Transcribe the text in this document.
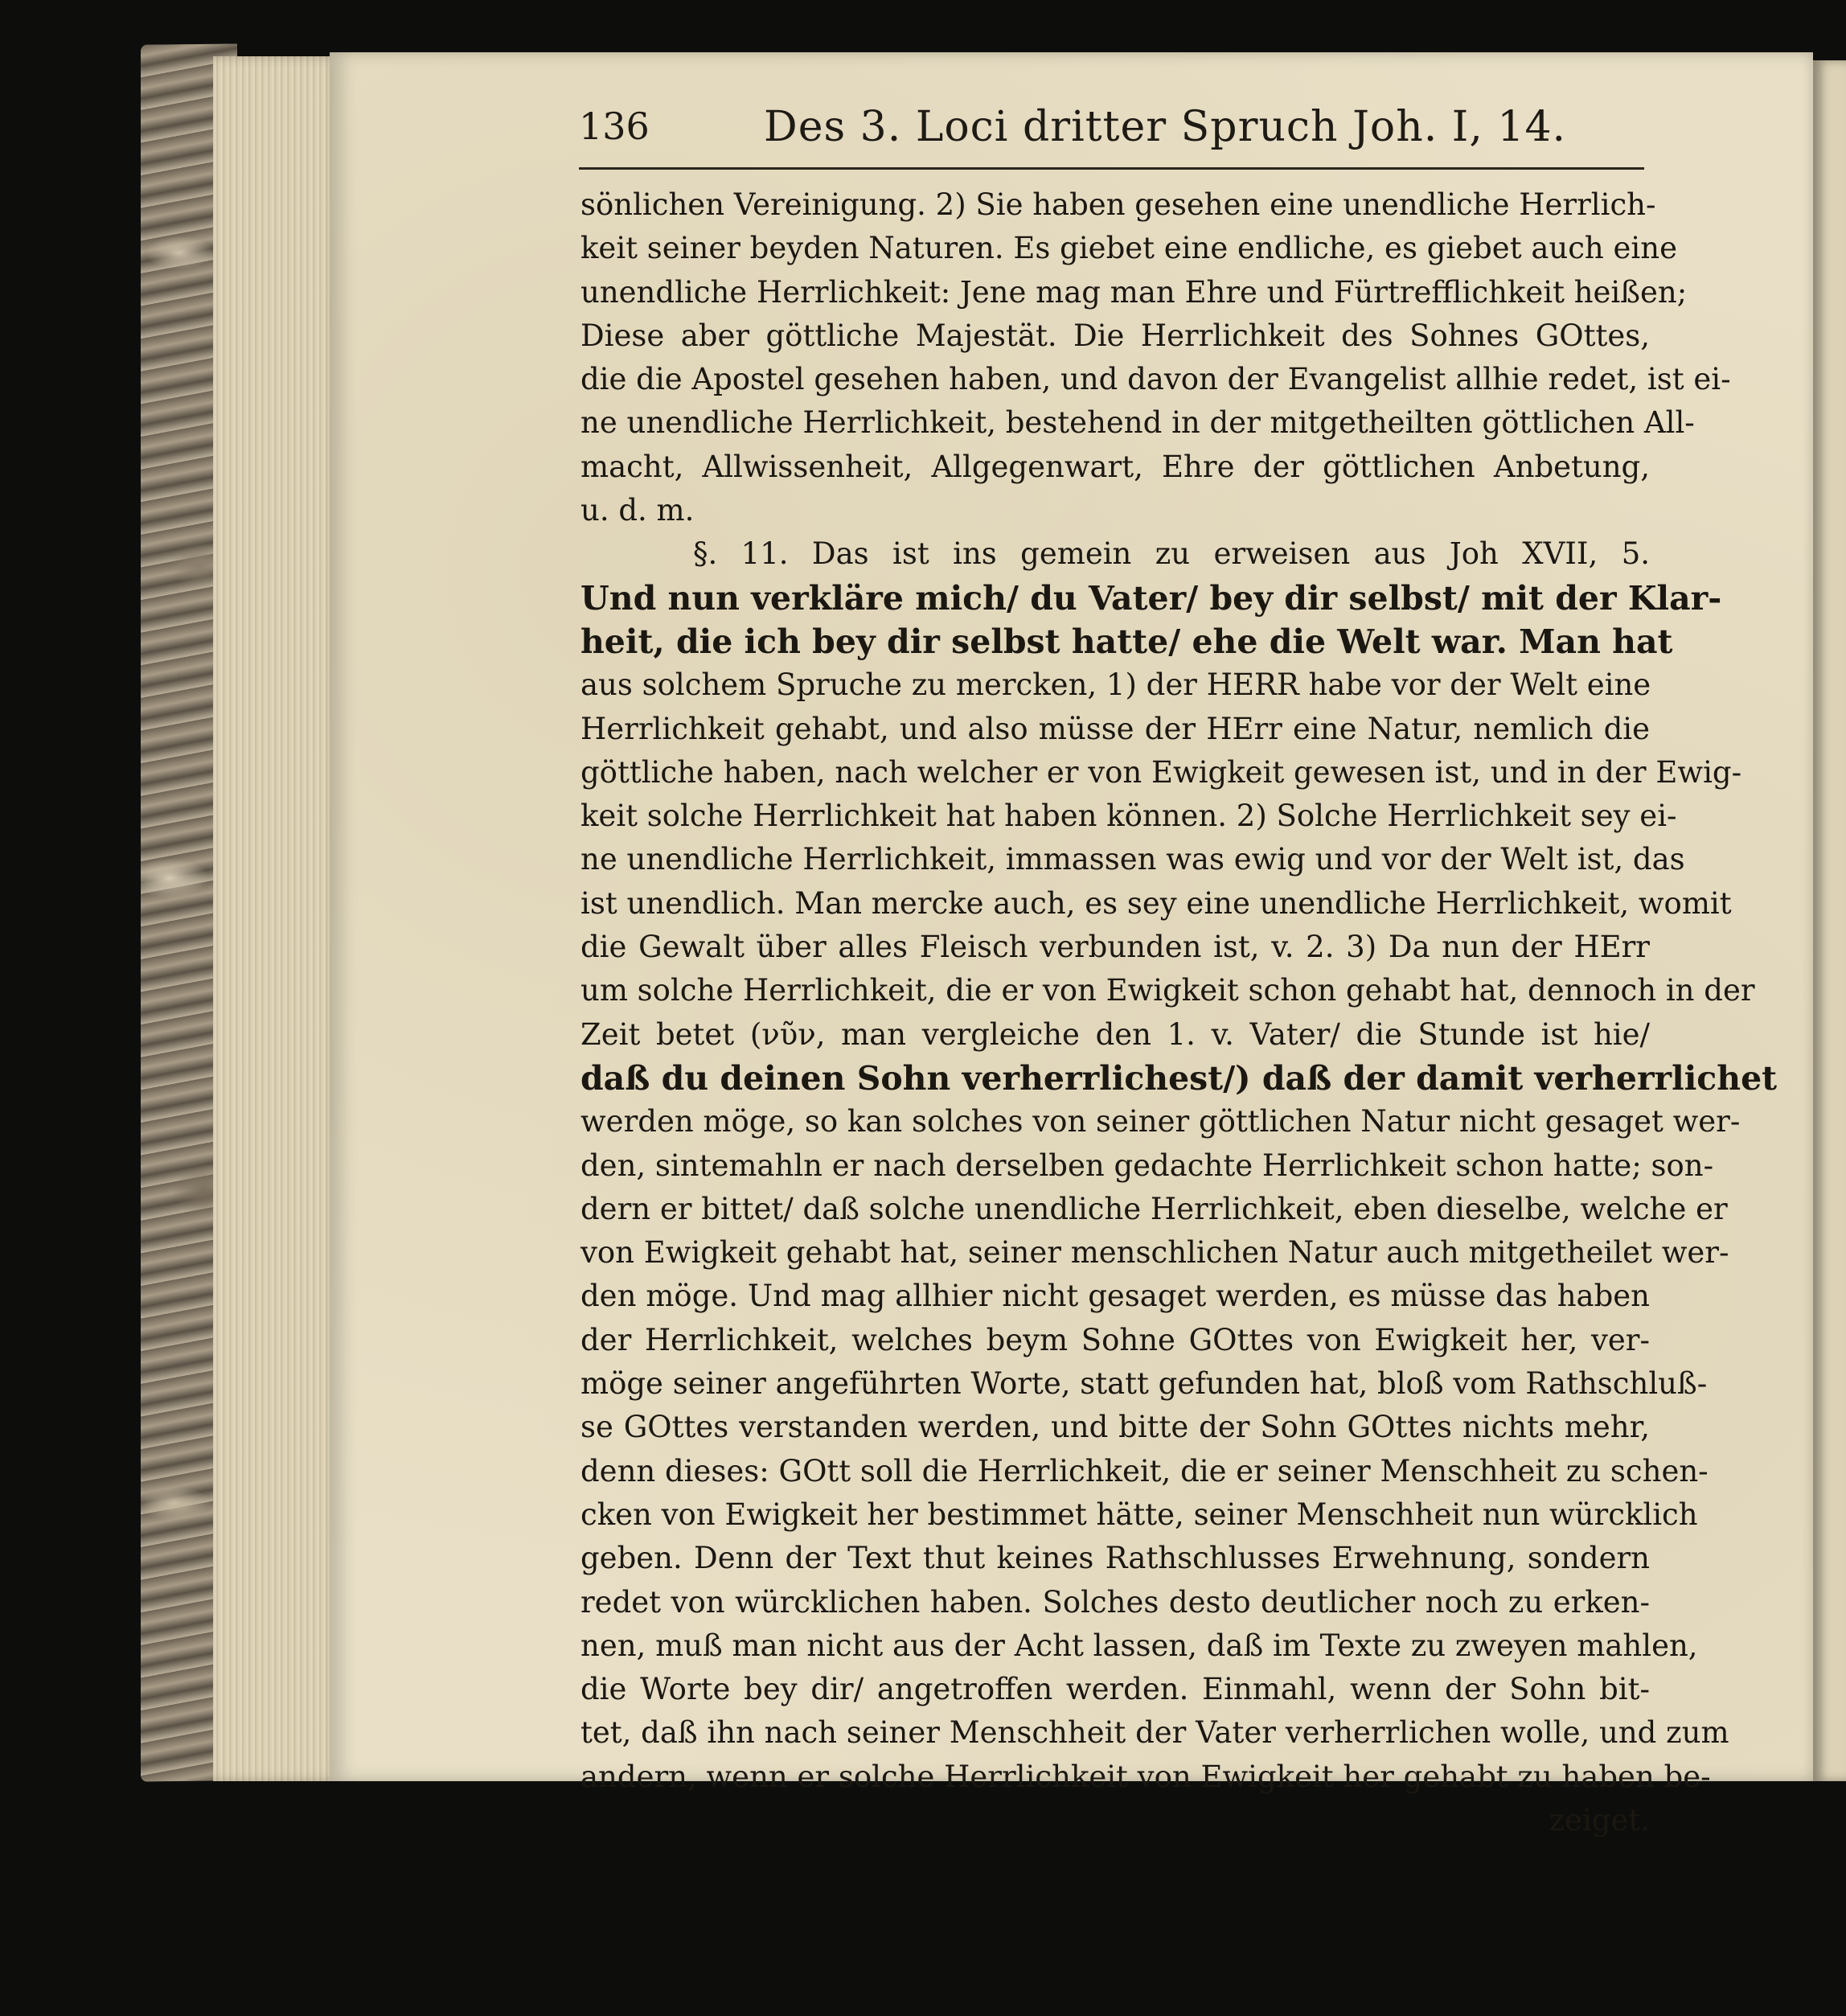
136	Des 3. Loci dritter Spruch Joh. I, 14.
sönlichen Vereinigung. 2) Sie haben gesehen eine unendliche Herrlich-
keit seiner beyden Naturen. Es giebet eine endliche, es giebet auch eine
unendliche Herrlichkeit: Jene mag man Ehre und Fürtrefflichkeit heißen;
Diese aber göttliche Majestät. Die Herrlichkeit des Sohnes GOttes,
die die Apostel gesehen haben, und davon der Evangelist allhie redet, ist ei-
ne unendliche Herrlichkeit, bestehend in der mitgetheilten göttlichen All-
macht, Allwissenheit, Allgegenwart, Ehre der göttlichen Anbetung,
u. d. m.
§. 11. Das ist ins gemein zu erweisen aus Joh XVII, 5.
Und nun verkläre mich/ du Vater/ bey dir selbst/ mit der Klar-
heit, die ich bey dir selbst hatte/ ehe die Welt war. Man hat
aus solchem Spruche zu mercken, 1) der HERR habe vor der Welt eine
Herrlichkeit gehabt, und also müsse der HErr eine Natur, nemlich die
göttliche haben, nach welcher er von Ewigkeit gewesen ist, und in der Ewig-
keit solche Herrlichkeit hat haben können. 2) Solche Herrlichkeit sey ei-
ne unendliche Herrlichkeit, immassen was ewig und vor der Welt ist, das
ist unendlich. Man mercke auch, es sey eine unendliche Herrlichkeit, womit
die Gewalt über alles Fleisch verbunden ist, v. 2. 3) Da nun der HErr
um solche Herrlichkeit, die er von Ewigkeit schon gehabt hat, dennoch in der
Zeit betet (νῦν, man vergleiche den 1. v. Vater/ die Stunde ist hie/
daß du deinen Sohn verherrlichest/) daß der damit verherrlichet
werden möge, so kan solches von seiner göttlichen Natur nicht gesaget wer-
den, sintemahln er nach derselben gedachte Herrlichkeit schon hatte; son-
dern er bittet/ daß solche unendliche Herrlichkeit, eben dieselbe, welche er
von Ewigkeit gehabt hat, seiner menschlichen Natur auch mitgetheilet wer-
den möge. Und mag allhier nicht gesaget werden, es müsse das haben
der Herrlichkeit, welches beym Sohne GOttes von Ewigkeit her, ver-
möge seiner angeführten Worte, statt gefunden hat, bloß vom Rathschluß-
se GOttes verstanden werden, und bitte der Sohn GOttes nichts mehr,
denn dieses: GOtt soll die Herrlichkeit, die er seiner Menschheit zu schen-
cken von Ewigkeit her bestimmet hätte, seiner Menschheit nun würcklich
geben. Denn der Text thut keines Rathschlusses Erwehnung, sondern
redet von würcklichen haben. Solches desto deutlicher noch zu erken-
nen, muß man nicht aus der Acht lassen, daß im Texte zu zweyen mahlen,
die Worte bey dir/ angetroffen werden. Einmahl, wenn der Sohn bit-
tet, daß ihn nach seiner Menschheit der Vater verherrlichen wolle, und zum
andern, wenn er solche Herrlichkeit von Ewigkeit her gehabt zu haben be-
zeiget.
